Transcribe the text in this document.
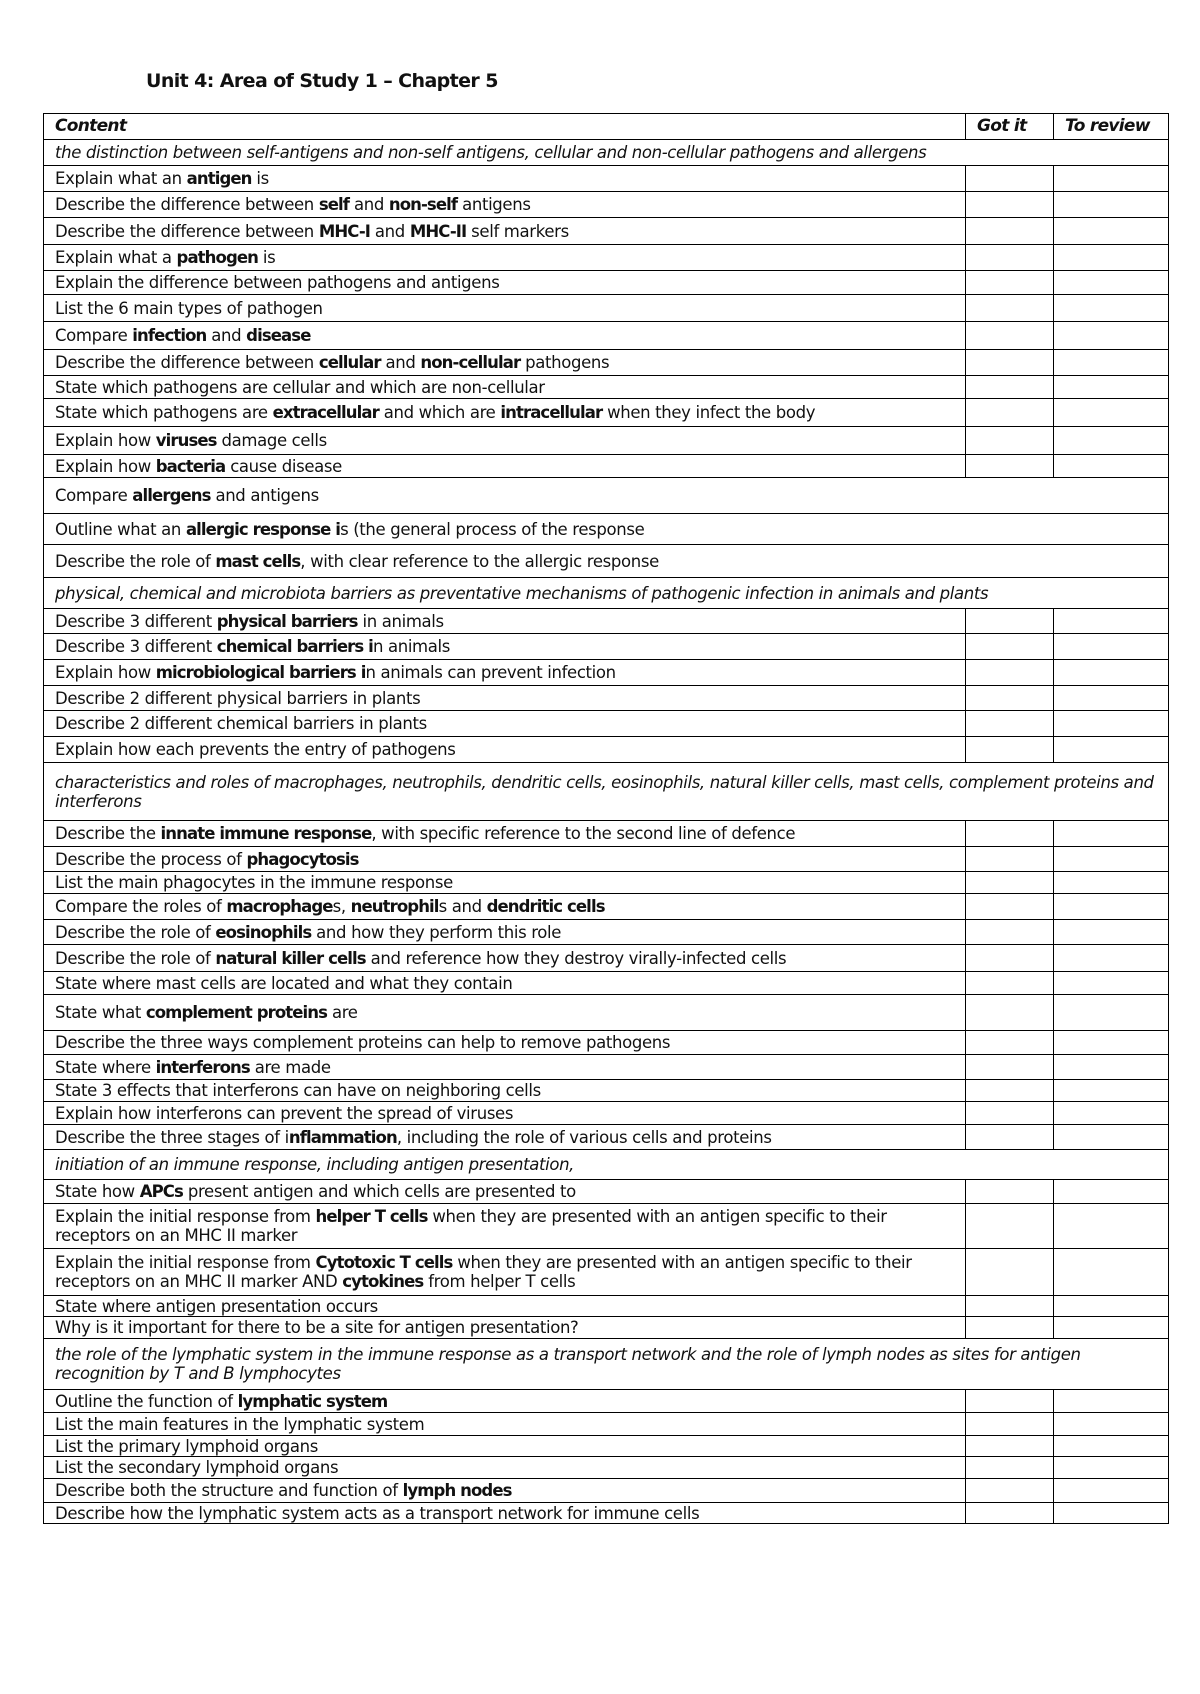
Unit 4: Area of Study 1 – Chapter 5
Content	Got it	To review
the distinction between self-antigens and non-self antigens, cellular and non-cellular pathogens and allergens		
Explain what an antigen is		
Describe the difference between self and non-self antigens		
Describe the difference between MHC-I and MHC-II self markers		
Explain what a pathogen is		
Explain the difference between pathogens and antigens		
List the 6 main types of pathogen		
Compare infection and disease		
Describe the difference between cellular and non-cellular pathogens		
State which pathogens are cellular and which are non-cellular		
State which pathogens are extracellular and which are intracellular when they infect the body		
Explain how viruses damage cells		
Explain how bacteria cause disease		
Compare allergens and antigens		
Outline what an allergic response is (the general process of the response		
Describe the role of mast cells, with clear reference to the allergic response		
physical, chemical and microbiota barriers as preventative mechanisms of pathogenic infection in animals and plants		
Describe 3 different physical barriers in animals		
Describe 3 different chemical barriers in animals		
Explain how microbiological barriers in animals can prevent infection		
Describe 2 different physical barriers in plants		
Describe 2 different chemical barriers in plants		
Explain how each prevents the entry of pathogens		
characteristics and roles of macrophages, neutrophils, dendritic cells, eosinophils, natural killer cells, mast cells, complement proteins and interferons		
Describe the innate immune response, with specific reference to the second line of defence		
Describe the process of phagocytosis		
List the main phagocytes in the immune response		
Compare the roles of macrophages, neutrophils and dendritic cells		
Describe the role of eosinophils and how they perform this role		
Describe the role of natural killer cells and reference how they destroy virally-infected cells		
State where mast cells are located and what they contain		
State what complement proteins are		
Describe the three ways complement proteins can help to remove pathogens		
State where interferons are made		
State 3 effects that interferons can have on neighboring cells		
Explain how interferons can prevent the spread of viruses		
Describe the three stages of inflammation, including the role of various cells and proteins		
initiation of an immune response, including antigen presentation,		
State how APCs present antigen and which cells are presented to		
Explain the initial response from helper T cells when they are presented with an antigen specific to their receptors on an MHC II marker		
Explain the initial response from Cytotoxic T cells when they are presented with an antigen specific to their receptors on an MHC II marker AND cytokines from helper T cells		
State where antigen presentation occurs		
Why is it important for there to be a site for antigen presentation?		
the role of the lymphatic system in the immune response as a transport network and the role of lymph nodes as sites for antigen recognition by T and B lymphocytes		
Outline the function of lymphatic system		
List the main features in the lymphatic system		
List the primary lymphoid organs		
List the secondary lymphoid organs		
Describe both the structure and function of lymph nodes		
Describe how the lymphatic system acts as a transport network for immune cells		
